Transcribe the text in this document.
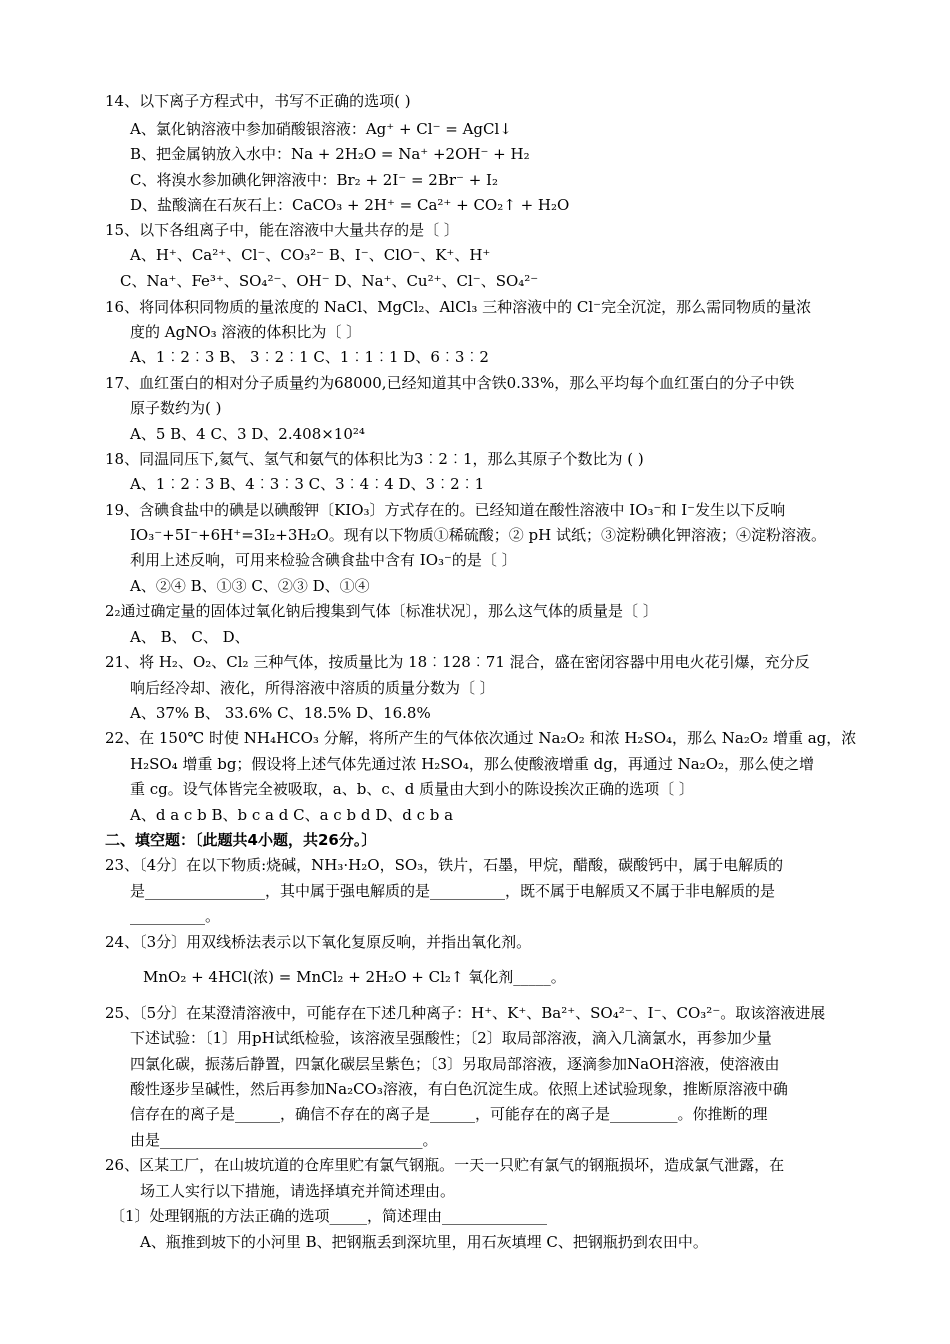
14、以下离子方程式中，书写不正确的选项( )
A、氯化钠溶液中参加硝酸银溶液：Ag⁺ + Cl⁻ = AgCl↓
B、把金属钠放入水中：Na + 2H₂O = Na⁺ +2OH⁻ + H₂
C、将溴水参加碘化钾溶液中：Br₂ + 2I⁻ = 2Br⁻ + I₂
D、盐酸滴在石灰石上：CaCO₃ + 2H⁺ = Ca²⁺ + CO₂↑ + H₂O
15、以下各组离子中，能在溶液中大量共存的是〔 〕
A、H⁺、Ca²⁺、Cl⁻、CO₃²⁻ B、I⁻、ClO⁻、K⁺、H⁺
C、Na⁺、Fe³⁺、SO₄²⁻、OH⁻ D、Na⁺、Cu²⁺、Cl⁻、SO₄²⁻
16、将同体积同物质的量浓度的 NaCl、MgCl₂、AlCl₃ 三种溶液中的 Cl⁻完全沉淀，那么需同物质的量浓
度的 AgNO₃ 溶液的体积比为〔 〕
A、1︰2︰3 B、 3︰2︰1 C、1︰1︰1 D、6︰3︰2
17、血红蛋白的相对分子质量约为68000,已经知道其中含铁0.33%，那么平均每个血红蛋白的分子中铁
原子数约为( )
A、5 B、4 C、3 D、2.408×10²⁴
18、同温同压下,氦气、氢气和氨气的体积比为3︰2︰1，那么其原子个数比为 ( )
A、1︰2︰3 B、4︰3︰3 C、3︰4︰4 D、3︰2︰1
19、含碘食盐中的碘是以碘酸钾〔KIO₃〕方式存在的。已经知道在酸性溶液中 IO₃⁻和 I⁻发生以下反响
IO₃⁻+5I⁻+6H⁺=3I₂+3H₂O。现有以下物质①稀硫酸；② pH 试纸；③淀粉碘化钾溶液；④淀粉溶液。
利用上述反响，可用来检验含碘食盐中含有 IO₃⁻的是〔 〕
A、②④ B、①③ C、②③ D、①④
2₂通过确定量的固体过氧化钠后搜集到气体〔标准状况〕，那么这气体的质量是〔 〕
A、 B、 C、 D、
21、将 H₂、O₂、Cl₂ 三种气体，按质量比为 18︰128︰71 混合，盛在密闭容器中用电火花引爆，充分反
响后经冷却、液化，所得溶液中溶质的质量分数为〔 〕
A、37% B、 33.6% C、18.5% D、16.8%
22、在 150℃ 时使 NH₄HCO₃ 分解，将所产生的气体依次通过 Na₂O₂ 和浓 H₂SO₄，那么 Na₂O₂ 增重 ag，浓
H₂SO₄ 增重 bg；假设将上述气体先通过浓 H₂SO₄，那么使酸液增重 dg，再通过 Na₂O₂，那么使之增
重 cg。设气体皆完全被吸取，a、b、c、d 质量由大到小的陈设挨次正确的选项〔 〕
A、d a c b B、b c a d C、a c b d D、d c b a
二、填空题：〔此题共4小题，共26分。〕
23、〔4分〕在以下物质:烧碱，NH₃·H₂O，SO₃，铁片，石墨，甲烷，醋酸，碳酸钙中，属于电解质的
是________________，其中属于强电解质的是__________，既不属于电解质又不属于非电解质的是
__________。
24、〔3分〕用双线桥法表示以下氧化复原反响，并指出氧化剂。
MnO₂ + 4HCl(浓) = MnCl₂ + 2H₂O + Cl₂↑ 氧化剂_____。
25、〔5分〕在某澄清溶液中，可能存在下述几种离子：H⁺、K⁺、Ba²⁺、SO₄²⁻、I⁻、CO₃²⁻。取该溶液进展
下述试验：〔1〕用pH试纸检验，该溶液呈强酸性；〔2〕取局部溶液，滴入几滴氯水，再参加少量
四氯化碳，振荡后静置，四氯化碳层呈紫色；〔3〕另取局部溶液，逐滴参加NaOH溶液，使溶液由
酸性逐步呈碱性，然后再参加Na₂CO₃溶液，有白色沉淀生成。依照上述试验现象，推断原溶液中确
信存在的离子是______，确信不存在的离子是______，可能存在的离子是_________。你推断的理
由是___________________________________。
26、区某工厂，在山坡坑道的仓库里贮有氯气钢瓶。一天一只贮有氯气的钢瓶损坏，造成氯气泄露，在
场工人实行以下措施，请选择填充并简述理由。
〔1〕处理钢瓶的方法正确的选项_____，简述理由______________
A、瓶推到坡下的小河里 B、把钢瓶丢到深坑里，用石灰填埋 C、把钢瓶扔到农田中。
